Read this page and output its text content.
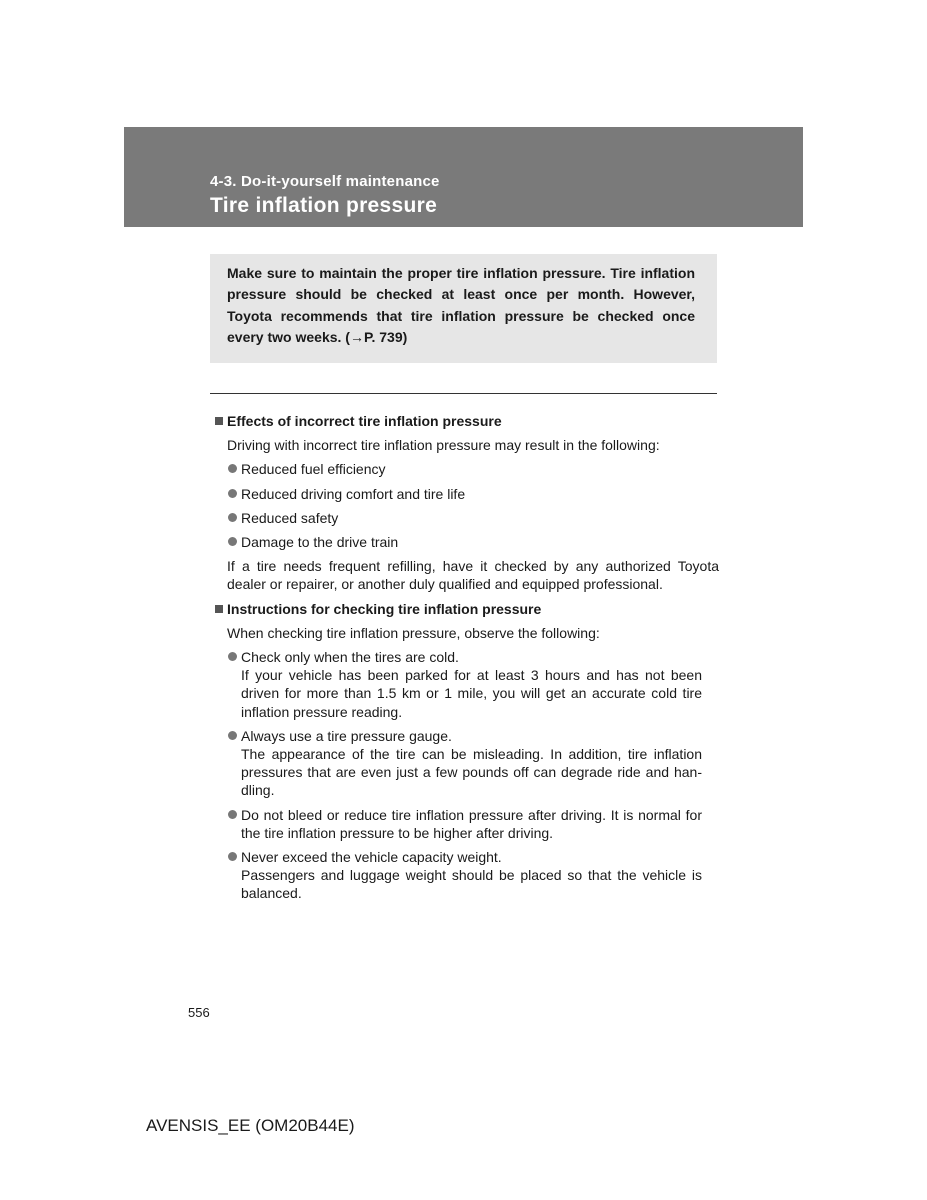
4-3. Do-it-yourself maintenance
Tire inflation pressure

Make sure to maintain the proper tire inflation pressure. Tire inflation pressure should be checked at least once per month. However, Toyota recommends that tire inflation pressure be checked once every two weeks. (→P. 739)

Effects of incorrect tire inflation pressure
Driving with incorrect tire inflation pressure may result in the following:
Reduced fuel efficiency
Reduced driving comfort and tire life
Reduced safety
Damage to the drive train
If a tire needs frequent refilling, have it checked by any authorized Toyota dealer or repairer, or another duly qualified and equipped professional.
Instructions for checking tire inflation pressure
When checking tire inflation pressure, observe the following:
Check only when the tires are cold.
If your vehicle has been parked for at least 3 hours and has not been driven for more than 1.5 km or 1 mile, you will get an accurate cold tire inflation pressure reading.
Always use a tire pressure gauge.
The appearance of the tire can be misleading. In addition, tire inflation pressures that are even just a few pounds off can degrade ride and han-dling.
Do not bleed or reduce tire inflation pressure after driving. It is normal for the tire inflation pressure to be higher after driving.
Never exceed the vehicle capacity weight.
Passengers and luggage weight should be placed so that the vehicle is balanced.
556
AVENSIS_EE (OM20B44E)
